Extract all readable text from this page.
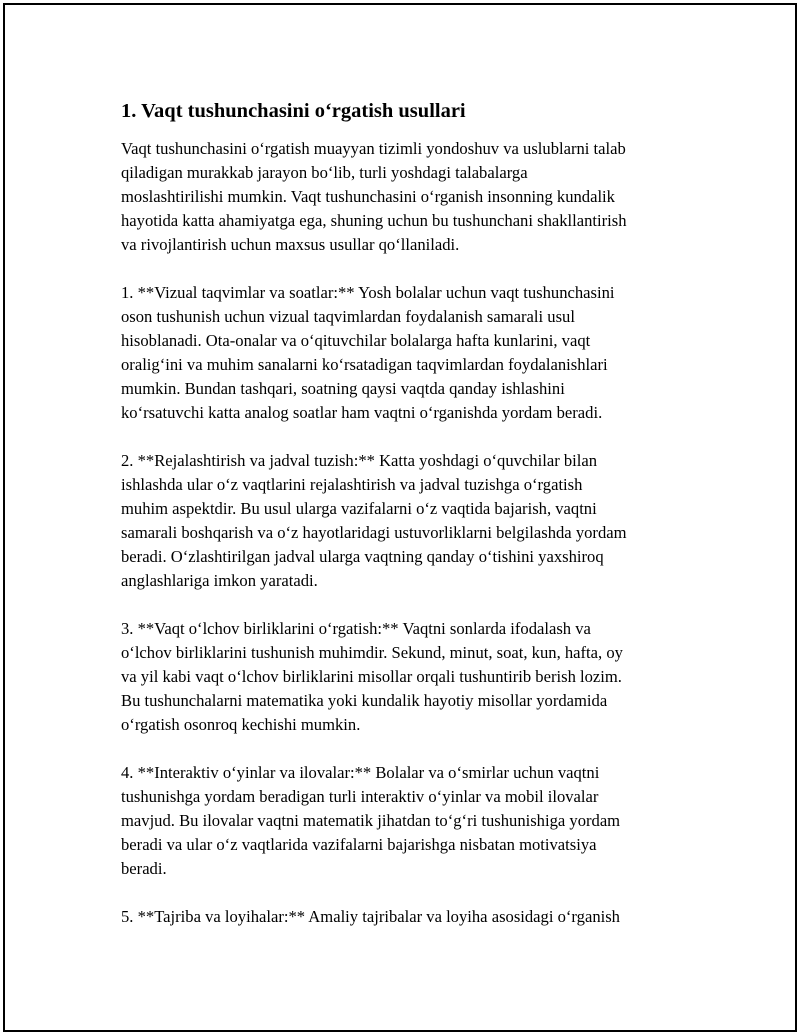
1. Vaqt tushunchasini o‘rgatish usullari

Vaqt tushunchasini o‘rgatish muayyan tizimli yondoshuv va uslublarni talab
qiladigan murakkab jarayon bo‘lib, turli yoshdagi talabalarga
moslashtirilishi mumkin. Vaqt tushunchasini o‘rganish insonning kundalik
hayotida katta ahamiyatga ega, shuning uchun bu tushunchani shakllantirish
va rivojlantirish uchun maxsus usullar qo‘llaniladi.

1. **Vizual taqvimlar va soatlar:** Yosh bolalar uchun vaqt tushunchasini
oson tushunish uchun vizual taqvimlardan foydalanish samarali usul
hisoblanadi. Ota-onalar va o‘qituvchilar bolalarga hafta kunlarini, vaqt
oralig‘ini va muhim sanalarni ko‘rsatadigan taqvimlardan foydalanishlari
mumkin. Bundan tashqari, soatning qaysi vaqtda qanday ishlashini
ko‘rsatuvchi katta analog soatlar ham vaqtni o‘rganishda yordam beradi.

2. **Rejalashtirish va jadval tuzish:** Katta yoshdagi o‘quvchilar bilan
ishlashda ular o‘z vaqtlarini rejalashtirish va jadval tuzishga o‘rgatish
muhim aspektdir. Bu usul ularga vazifalarni o‘z vaqtida bajarish, vaqtni
samarali boshqarish va o‘z hayotlaridagi ustuvorliklarni belgilashda yordam
beradi. O‘zlashtirilgan jadval ularga vaqtning qanday o‘tishini yaxshiroq
anglashlariga imkon yaratadi.

3. **Vaqt o‘lchov birliklarini o‘rgatish:** Vaqtni sonlarda ifodalash va
o‘lchov birliklarini tushunish muhimdir. Sekund, minut, soat, kun, hafta, oy
va yil kabi vaqt o‘lchov birliklarini misollar orqali tushuntirib berish lozim.
Bu tushunchalarni matematika yoki kundalik hayotiy misollar yordamida
o‘rgatish osonroq kechishi mumkin.

4. **Interaktiv o‘yinlar va ilovalar:** Bolalar va o‘smirlar uchun vaqtni
tushunishga yordam beradigan turli interaktiv o‘yinlar va mobil ilovalar
mavjud. Bu ilovalar vaqtni matematik jihatdan to‘g‘ri tushunishiga yordam
beradi va ular o‘z vaqtlarida vazifalarni bajarishga nisbatan motivatsiya
beradi.

5. **Tajriba va loyihalar:** Amaliy tajribalar va loyiha asosidagi o‘rganish
